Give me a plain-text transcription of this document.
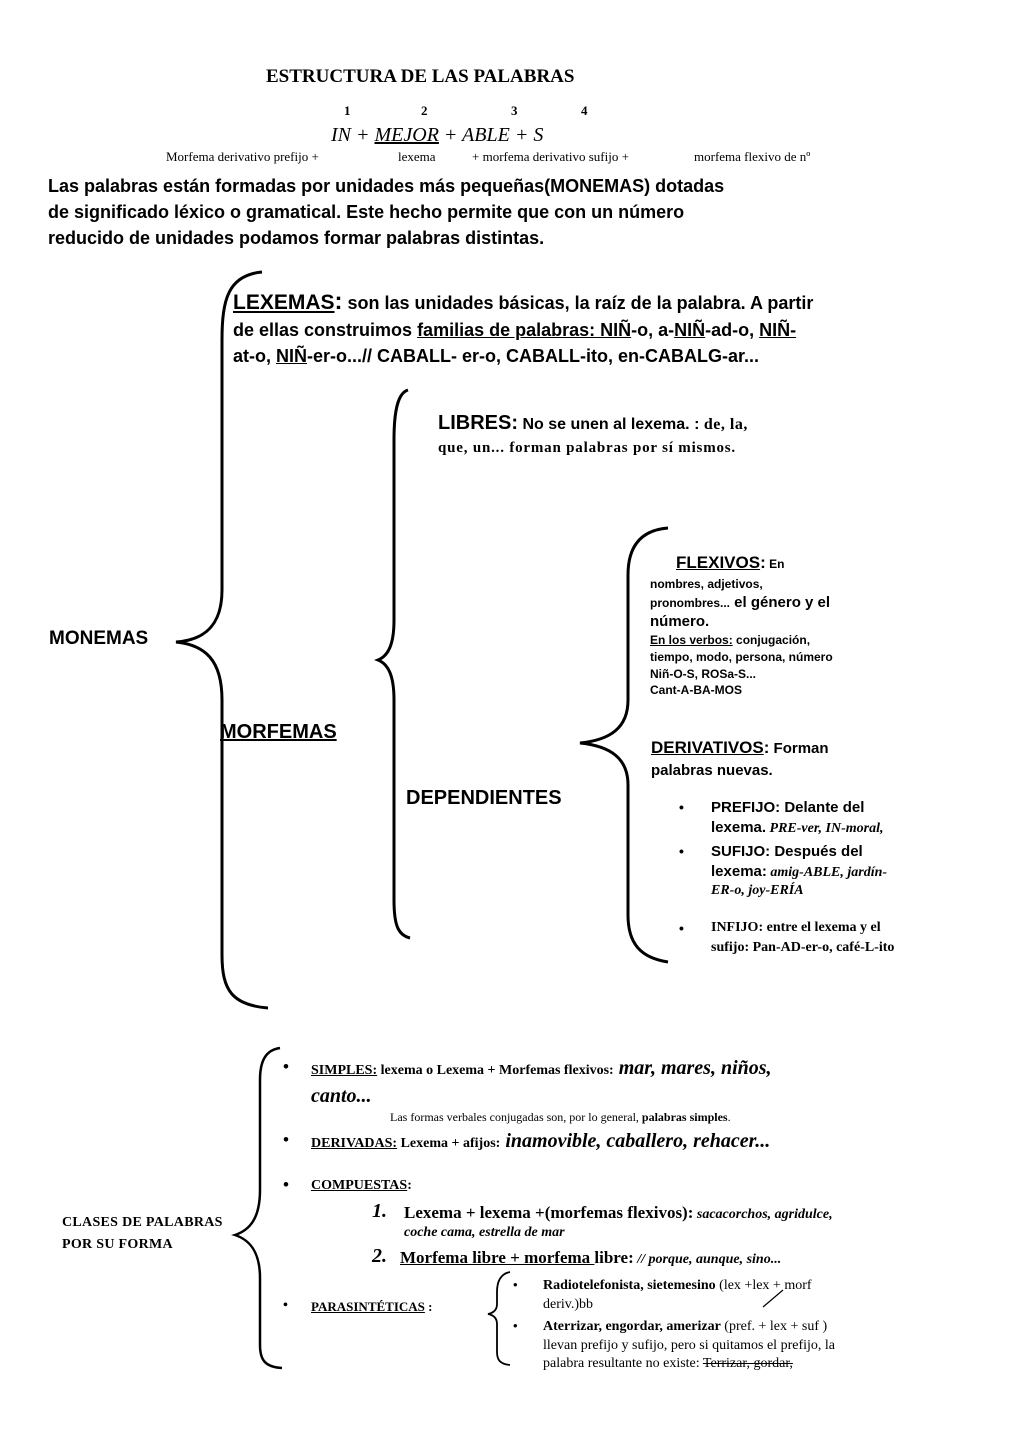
ESTRUCTURA DE LAS PALABRAS
1	2	3	4
IN + MEJOR + ABLE + S
Morfema derivativo prefijo +	lexema	+ morfema derivativo sufijo +	morfema flexivo de nº
Las palabras están formadas por unidades más pequeñas(MONEMAS) dotadas
de significado léxico o gramatical. Este hecho permite que con un número
reducido de unidades podamos formar palabras distintas.
LEXEMAS: son las unidades básicas, la raíz de la palabra. A partir
de ellas construimos familias de palabras: NIÑ-o, a-NIÑ-ad-o, NIÑ-
at-o, NIÑ-er-o...// CABALL- er-o, CABALL-ito, en-CABALG-ar...
LIBRES: No se unen al lexema. : de, la,
que, un... forman palabras por sí mismos.
MONEMAS
MORFEMAS
DEPENDIENTES
FLEXIVOS: En
nombres, adjetivos,
pronombres... el género y el
número.
En los verbos: conjugación,
tiempo, modo, persona, número
Niñ-O-S, ROSa-S...
Cant-A-BA-MOS
DERIVATIVOS: Forman
palabras nuevas.
• PREFIJO: Delante del
lexema. PRE-ver, IN-moral,
• SUFIJO: Después del
lexema: amig-ABLE, jardín-
ER-o, joy-ERÍA
• INFIJO: entre el lexema y el
sufijo: Pan-AD-er-o, café-L-ito
CLASES DE PALABRAS
POR SU FORMA
• SIMPLES: lexema o Lexema + Morfemas flexivos: mar, mares, niños,
canto...
Las formas verbales conjugadas son, por lo general, palabras simples.
• DERIVADAS: Lexema + afijos: inamovible, caballero, rehacer...
• COMPUESTAS:
1. Lexema + lexema +(morfemas flexivos): sacacorchos, agridulce,
coche cama, estrella de mar
2. Morfema libre + morfema libre: // porque, aunque, sino...
• PARASINTÉTICAS :
• Radiotelefonista, sietemesino (lex +lex + morf
deriv.)bb
• Aterrizar, engordar, amerizar (pref. + lex + suf )
llevan prefijo y sufijo, pero si quitamos el prefijo, la
palabra resultante no existe: Terrizar, gordar,
